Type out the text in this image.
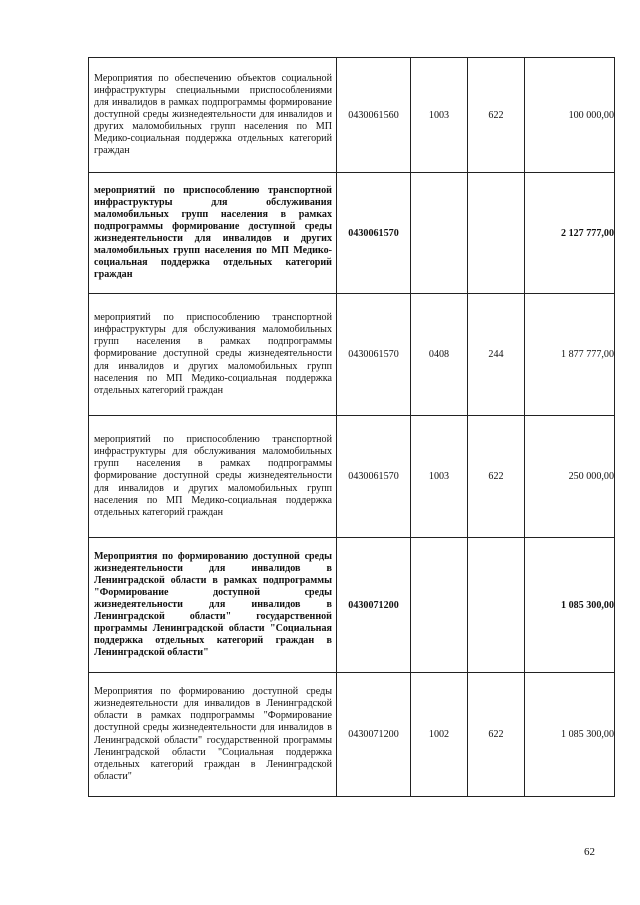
Мероприятия по обеспечению объектов социальной инфраструктуры специальными приспособлениями для инвалидов в рамках подпрограммы формирование доступной среды жизнедеятельности для инвалидов и других маломобильных групп населения по МП Медико-социальная поддержка отдельных категорий граждан	0430061560	1003	622	100 000,00

мероприятий по приспособлению транспортной инфраструктуры для обслуживания маломобильных групп населения в рамках подпрограммы формирование доступной среды жизнедеятельности для инвалидов и других маломобильных групп населения по МП Медико-социальная поддержка отдельных категорий граждан	0430061570			2 127 777,00

мероприятий по приспособлению транспортной инфраструктуры для обслуживания маломобильных групп населения в рамках подпрограммы формирование доступной среды жизнедеятельности для инвалидов и других маломобильных групп населения по МП Медико-социальная поддержка отдельных категорий граждан	0430061570	0408	244	1 877 777,00

мероприятий по приспособлению транспортной инфраструктуры для обслуживания маломобильных групп населения в рамках подпрограммы формирование доступной среды жизнедеятельности для инвалидов и других маломобильных групп населения по МП Медико-социальная поддержка отдельных категорий граждан	0430061570	1003	622	250 000,00

Мероприятия по формированию доступной среды жизнедеятельности для инвалидов в Ленинградской области в рамках подпрограммы "Формирование доступной среды жизнедеятельности для инвалидов в Ленинградской области" государственной программы Ленинградской области "Социальная поддержка отдельных категорий граждан в Ленинградской области"	0430071200			1 085 300,00

Мероприятия по формированию доступной среды жизнедеятельности для инвалидов в Ленинградской области в рамках подпрограммы "Формирование доступной среды жизнедеятельности для инвалидов в Ленинградской области" государственной программы Ленинградской области "Социальная поддержка отдельных категорий граждан в Ленинградской области"	0430071200	1002	622	1 085 300,00
62
